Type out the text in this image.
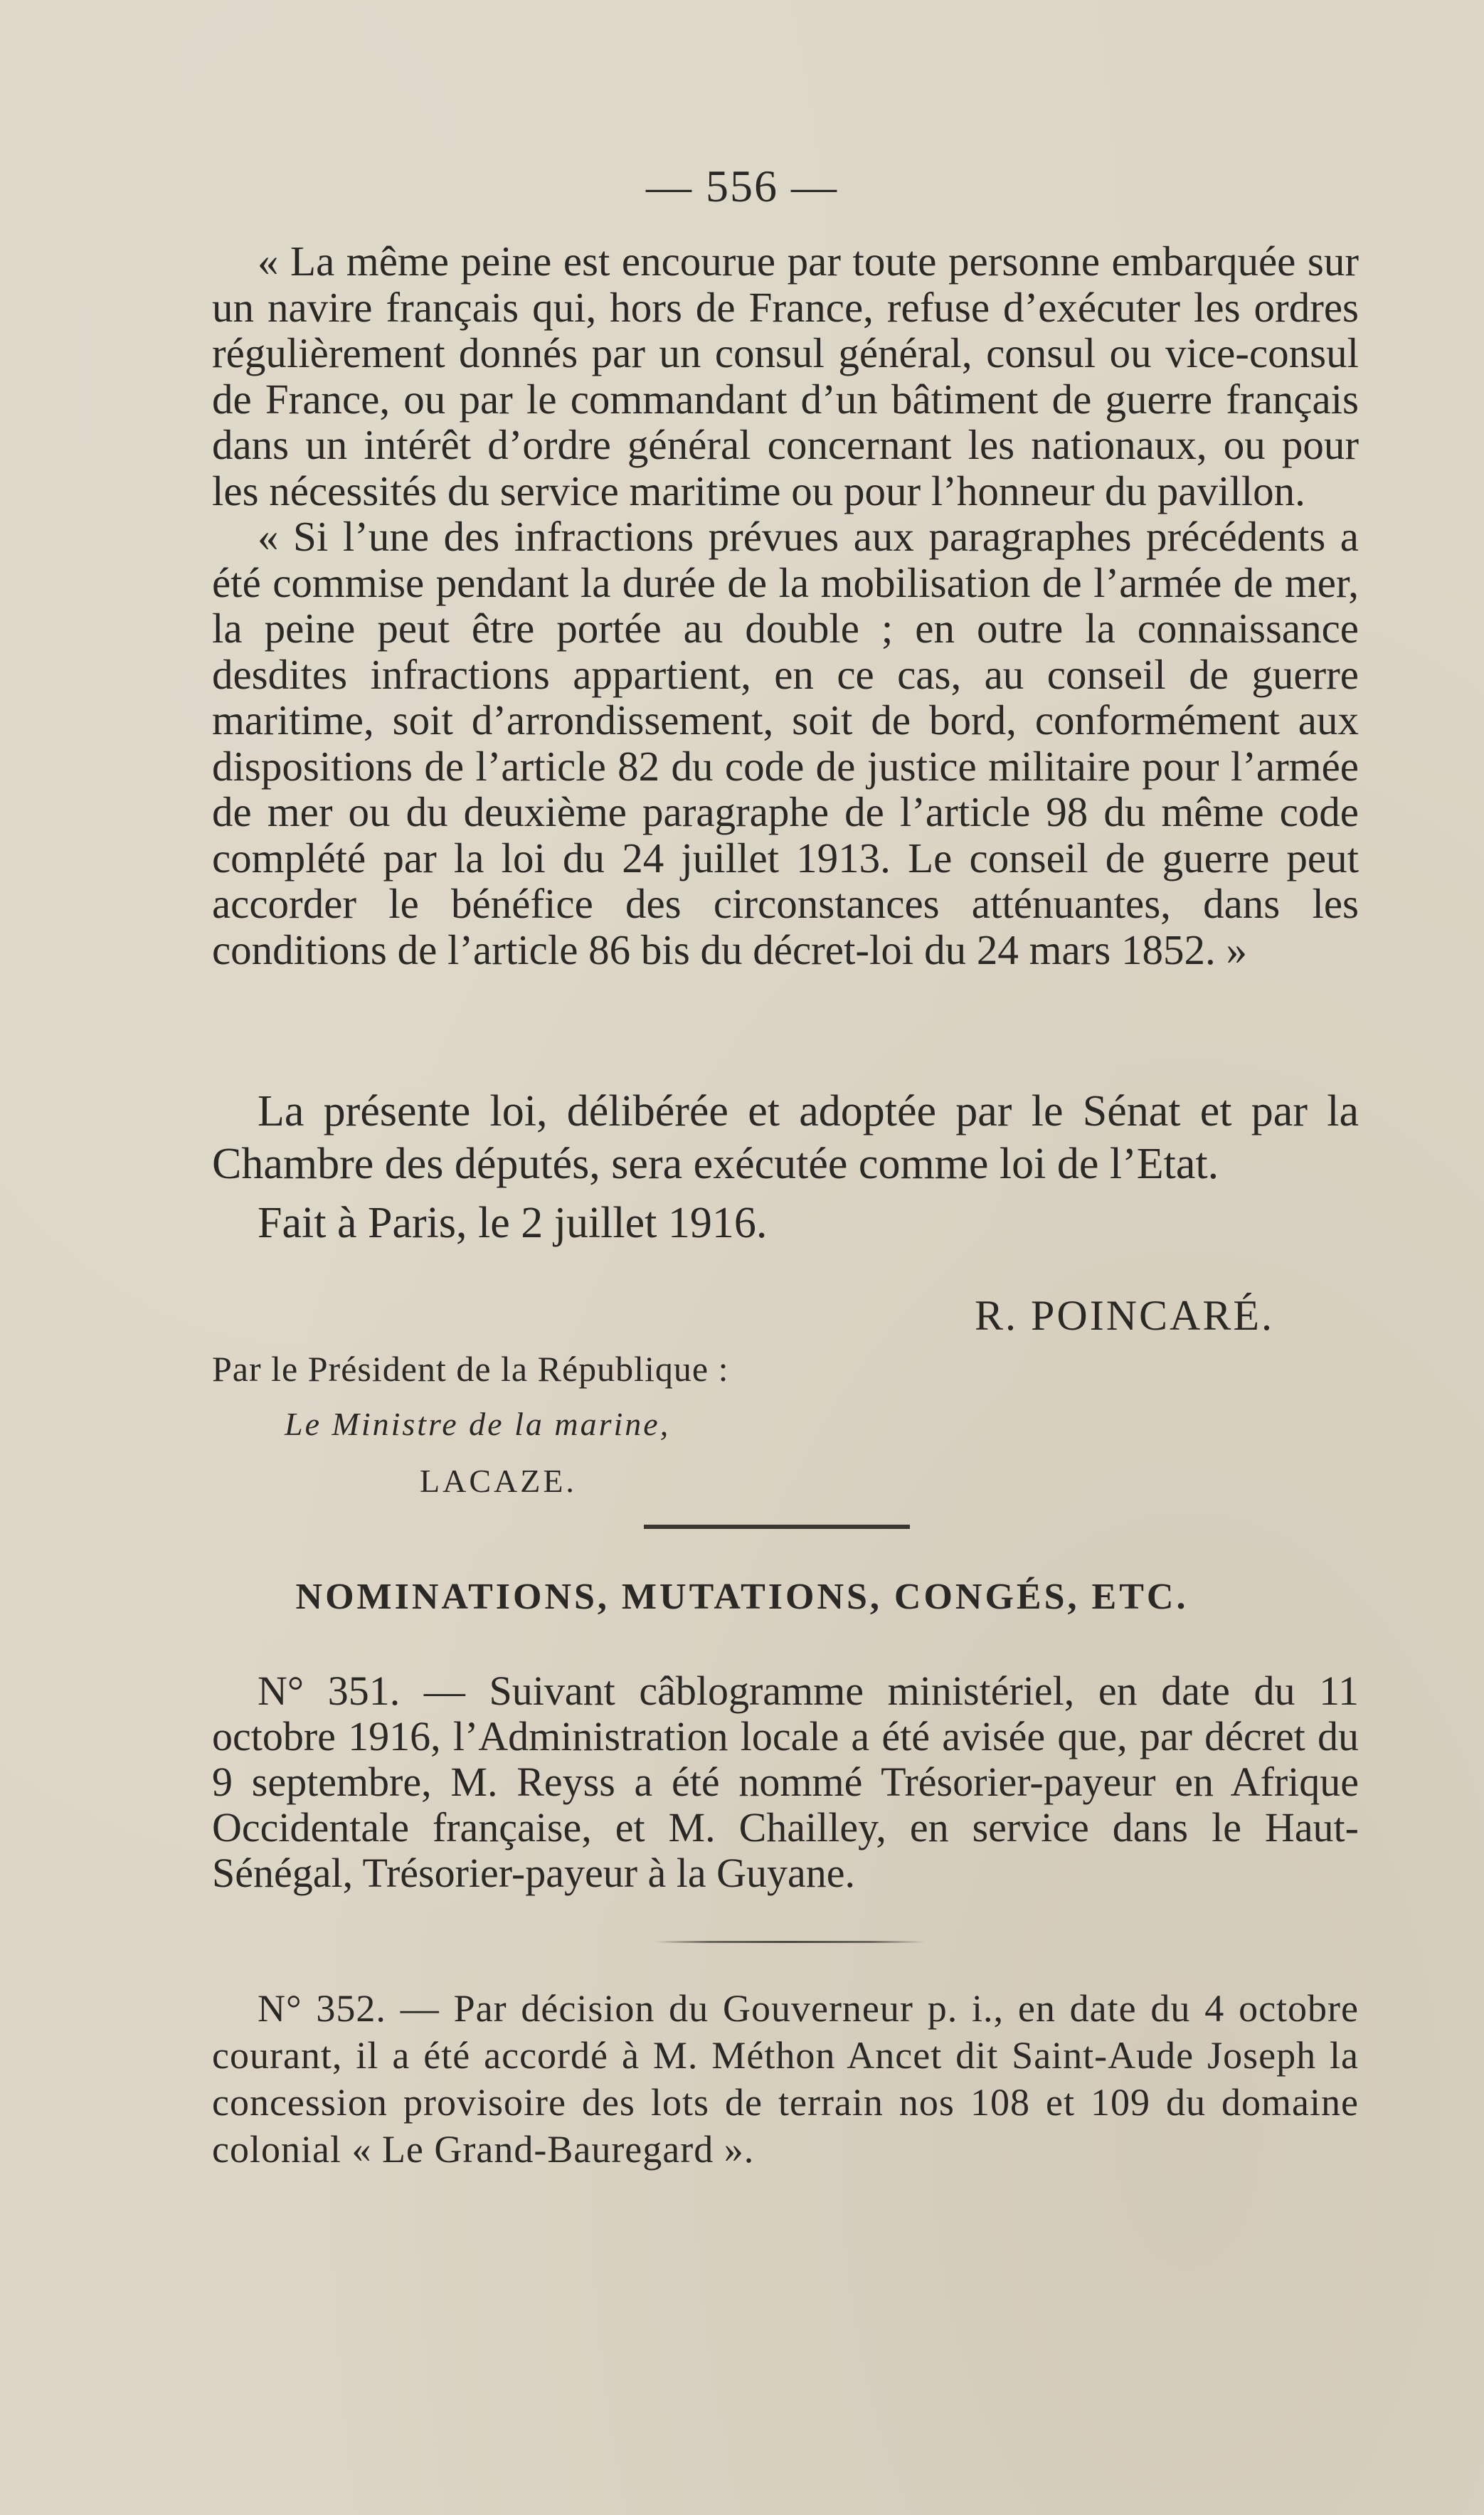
— 556 —

« La même peine est encourue par toute personne embarquée sur un navire français qui, hors de France, refuse d’exécuter les ordres régulièrement donnés par un consul général, consul ou vice-consul de France, ou par le commandant d’un bâtiment de guerre français dans un intérêt d’ordre général concernant les nationaux, ou pour les nécessités du service maritime ou pour l’honneur du pavillon.

« Si l’une des infractions prévues aux paragraphes précédents a été commise pendant la durée de la mobilisation de l’armée de mer, la peine peut être portée au double ; en outre la connaissance desdites infractions appartient, en ce cas, au conseil de guerre maritime, soit d’arrondissement, soit de bord, conformément aux dispositions de l’article 82 du code de justice militaire pour l’armée de mer ou du deuxième paragraphe de l’article 98 du même code complété par la loi du 24 juillet 1913. Le conseil de guerre peut accorder le bénéfice des circonstances atténuantes, dans les conditions de l’article 86 bis du décret-loi du 24 mars 1852. »

La présente loi, délibérée et adoptée par le Sénat et par la Chambre des députés, sera exécutée comme loi de l’Etat.

Fait à Paris, le 2 juillet 1916.
R. POINCARÉ.
Par le Président de la République :
Le Ministre de la marine,
LACAZE.
NOMINATIONS, MUTATIONS, CONGÉS, ETC.

N° 351. — Suivant câblogramme ministériel, en date du 11 octobre 1916, l’Administration locale a été avisée que, par décret du 9 septembre, M. Reyss a été nommé Trésorier-payeur en Afrique Occidentale française, et M. Chailley, en service dans le Haut-Sénégal, Trésorier-payeur à la Guyane.

N° 352. — Par décision du Gouverneur p. i., en date du 4 octobre courant, il a été accordé à M. Méthon Ancet dit Saint-Aude Joseph la concession provisoire des lots de terrain nos 108 et 109 du domaine colonial « Le Grand-Bauregard ».
